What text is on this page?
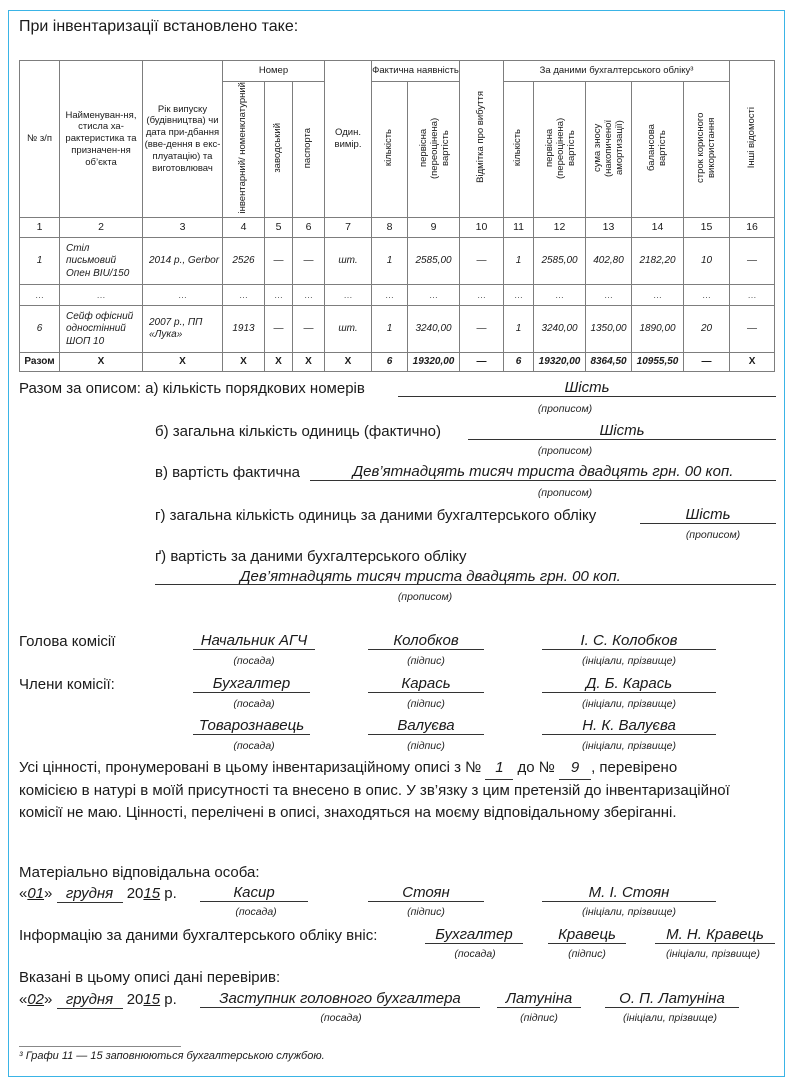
При інвентаризації встановлено таке:
№ з/п	Найменуван-ня, стисла ха-рактеристика та призначен-ня об’єкта	Рік випуску (будівництва) чи дата при-дбання (вве-дення в екс-плуатацію) та виготовлювач	Номер			Один. вимір.	Фактична наявність		Відмітка про вибуття	За даними бухгалтерського обліку³					Інші відомості
			інвентарний/ номенклатурний	заводський	паспорта		кількість	первісна (переоцінена) вартість		кількість	первісна (переоцінена) вартість	сума зносу (накопиченої амортизації)	балансова вартість	строк корисного використання	
1	2	3	4	5	6	7	8	9	10	11	12	13	14	15	16
1	Стіл письмовий Опен BIU/150	2014 р., Gerbor	2526	—	—	шт.	1	2585,00	—	1	2585,00	402,80	2182,20	10	—
…	…	…	…	…	…	…	…	…	…	…	…	…	…	…	…
6	Сейф офісний одностінний ШОП 10	2007 р., ПП «Лука»	1913	—	—	шт.	1	3240,00	—	1	3240,00	1350,00	1890,00	20	—
Разом	Х	Х	Х	Х	Х	Х	6	19320,00	—	6	19320,00	8364,50	10955,50	—	Х
Разом за описом: а) кількість порядкових номерів	Шість
(прописом)
б) загальна кількість одиниць (фактично)	Шість
(прописом)
в) вартість фактична	Дев’ятнадцять тисяч триста двадцять грн. 00 коп.
(прописом)
г) загальна кількість одиниць за даними бухгалтерського обліку	Шість
(прописом)
ґ) вартість за даними бухгалтерського обліку
Дев’ятнадцять тисяч триста двадцять грн. 00 коп.
(прописом)
Голова комісії	Начальник АГЧ	Колобков	І. С. Колобков
(посада)	(підпис)	(ініціали, прізвище)
Члени комісії:	Бухгалтер	Карась	Д. Б. Карась
(посада)	(підпис)	(ініціали, прізвище)
Товарознавець	Валуєва	Н. К. Валуєва
(посада)	(підпис)	(ініціали, прізвище)
Усі цінності, пронумеровані в цьому інвентаризаційному описі з № 1 до № 9 , перевірено комісією в натурі в моїй присутності та внесено в опис. У зв’язку з цим претензій до інвентаризаційної комісії не маю. Цінності, перелічені в описі, знаходяться на моєму відповідальному зберіганні.
Матеріально відповідальна особа:
«01» грудня 2015 р.	Касир	Стоян	М. І. Стоян
(посада)	(підпис)	(ініціали, прізвище)
Інформацію за даними бухгалтерського обліку вніс:	Бухгалтер	Кравець	М. Н. Кравець
(посада)	(підпис)	(ініціали, прізвище)
Вказані в цьому описі дані перевірив:
«02» грудня 2015 р.	Заступник головного бухгалтера	Латуніна	О. П. Латуніна
(посада)	(підпис)	(ініціали, прізвище)
³ Графи 11 — 15 заповнюються бухгалтерською службою.
